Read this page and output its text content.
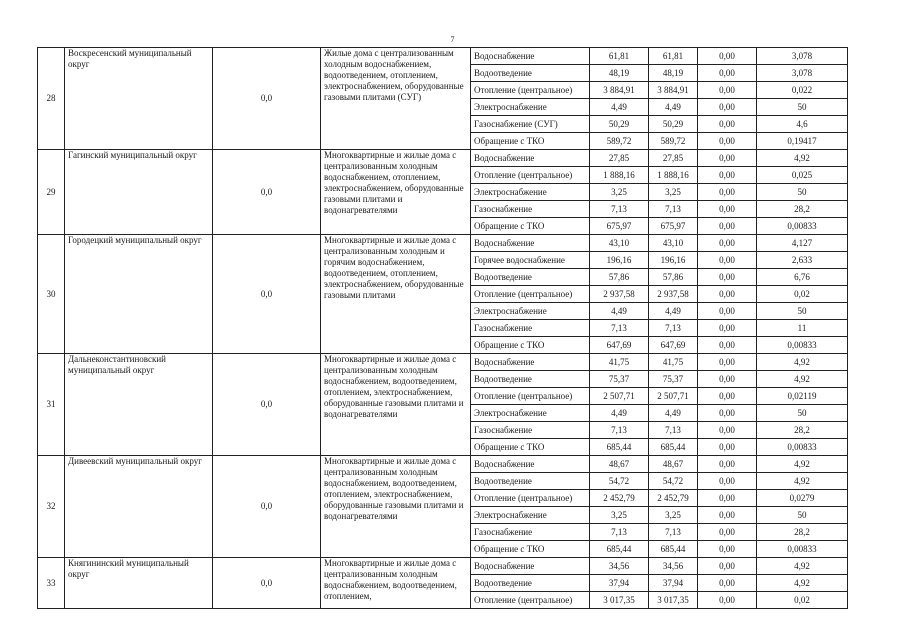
7
28	Воскресенский муниципальный округ	0,0	Жилые дома с централизованным холодным водоснабжением, водоотведением, отоплением, электроснабжением, оборудованные газовыми плитами (СУГ)	Водоснабжение	61,81	61,81	0,00	3,078
				Водоотведение	48,19	48,19	0,00	3,078
				Отопление (центральное)	3 884,91	3 884,91	0,00	0,022
				Электроснабжение	4,49	4,49	0,00	50
				Газоснабжение (СУГ)	50,29	50,29	0,00	4,6
				Обращение с ТКО	589,72	589,72	0,00	0,19417
29	Гагинский муниципальный округ	0,0	Многоквартирные и жилые дома с централизованным холодным водоснабжением, отоплением, электроснабжением, оборудованные газовыми плитами и водонагревателями	Водоснабжение	27,85	27,85	0,00	4,92
				Отопление (центральное)	1 888,16	1 888,16	0,00	0,025
				Электроснабжение	3,25	3,25	0,00	50
				Газоснабжение	7,13	7,13	0,00	28,2
				Обращение с ТКО	675,97	675,97	0,00	0,00833
30	Городецкий муниципальный округ	0,0	Многоквартирные и жилые дома с централизованным холодным и горячим водоснабжением, водоотведением, отоплением, электроснабжением, оборудованные газовыми плитами	Водоснабжение	43,10	43,10	0,00	4,127
				Горячее водоснабжение	196,16	196,16	0,00	2,633
				Водоотведение	57,86	57,86	0,00	6,76
				Отопление (центральное)	2 937,58	2 937,58	0,00	0,02
				Электроснабжение	4,49	4,49	0,00	50
				Газоснабжение	7,13	7,13	0,00	11
				Обращение с ТКО	647,69	647,69	0,00	0,00833
31	Дальнеконстантиновский муниципальный округ	0,0	Многоквартирные и жилые дома с централизованным холодным водоснабжением, водоотведением, отоплением, электроснабжением, оборудованные газовыми плитами и водонагревателями	Водоснабжение	41,75	41,75	0,00	4,92
				Водоотведение	75,37	75,37	0,00	4,92
				Отопление (центральное)	2 507,71	2 507,71	0,00	0,02119
				Электроснабжение	4,49	4,49	0,00	50
				Газоснабжение	7,13	7,13	0,00	28,2
				Обращение с ТКО	685,44	685,44	0,00	0,00833
32	Дивеевский муниципальный округ	0,0	Многоквартирные и жилые дома с централизованным холодным водоснабжением, водоотведением, отоплением, электроснабжением, оборудованные газовыми плитами и водонагревателями	Водоснабжение	48,67	48,67	0,00	4,92
				Водоотведение	54,72	54,72	0,00	4,92
				Отопление (центральное)	2 452,79	2 452,79	0,00	0,0279
				Электроснабжение	3,25	3,25	0,00	50
				Газоснабжение	7,13	7,13	0,00	28,2
				Обращение с ТКО	685,44	685,44	0,00	0,00833
33	Княгининский муниципальный округ	0,0	Многоквартирные и жилые дома с централизованным холодным водоснабжением, водоотведением, отоплением,	Водоснабжение	34,56	34,56	0,00	4,92
				Водоотведение	37,94	37,94	0,00	4,92
				Отопление (центральное)	3 017,35	3 017,35	0,00	0,02
